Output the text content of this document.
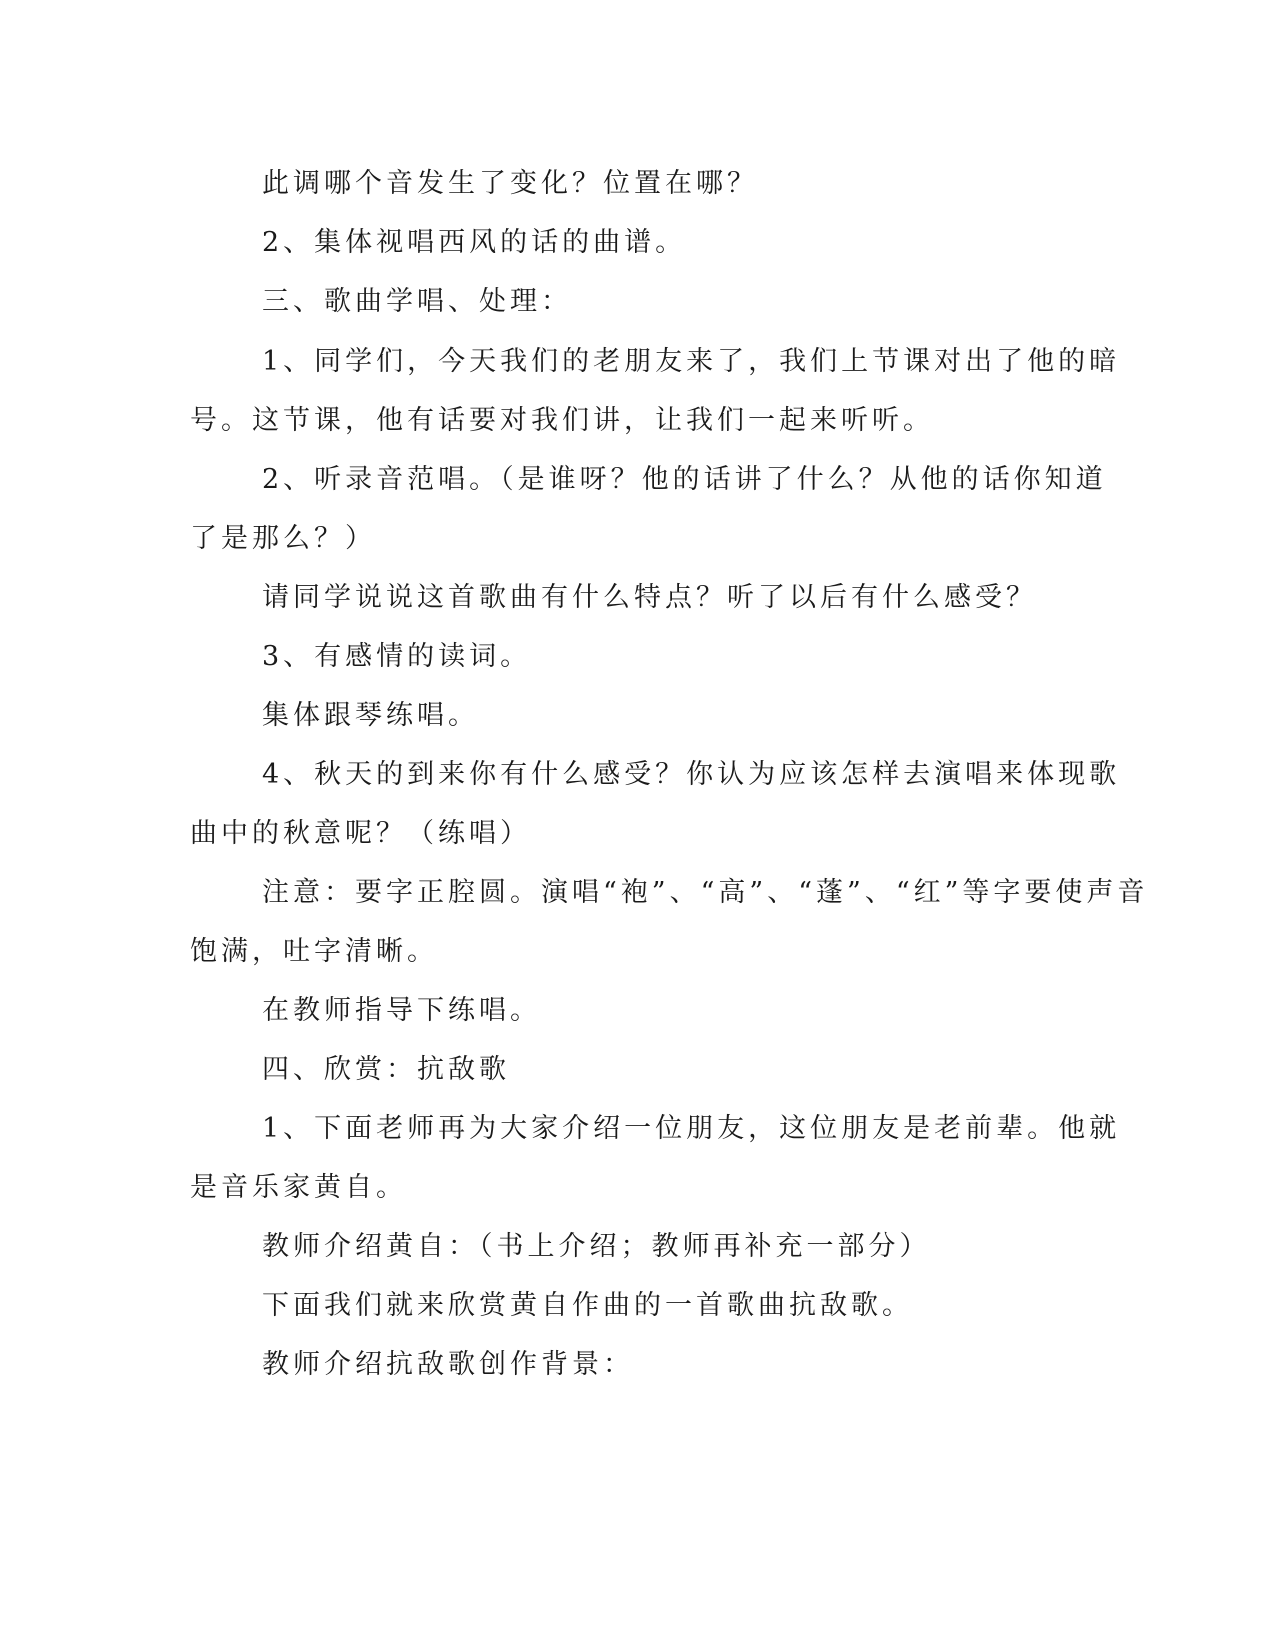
此调哪个音发生了变化？位置在哪？

2、集体视唱西风的话的曲谱。

三、歌曲学唱、处理：

1、同学们，今天我们的老朋友来了，我们上节课对出了他的暗

号。这节课，他有话要对我们讲，让我们一起来听听。

2、听录音范唱。（是谁呀？他的话讲了什么？从他的话你知道

了是那么？）

请同学说说这首歌曲有什么特点？听了以后有什么感受？

3、有感情的读词。

集体跟琴练唱。

4、秋天的到来你有什么感受？你认为应该怎样去演唱来体现歌

曲中的秋意呢？（练唱）

注意：要字正腔圆。演唱“袍”、“高”、“蓬”、“红”等字要使声音

饱满，吐字清晰。

在教师指导下练唱。

四、欣赏：抗敌歌

1、下面老师再为大家介绍一位朋友，这位朋友是老前辈。他就

是音乐家黄自。

教师介绍黄自：（书上介绍；教师再补充一部分）

下面我们就来欣赏黄自作曲的一首歌曲抗敌歌。

教师介绍抗敌歌创作背景：
